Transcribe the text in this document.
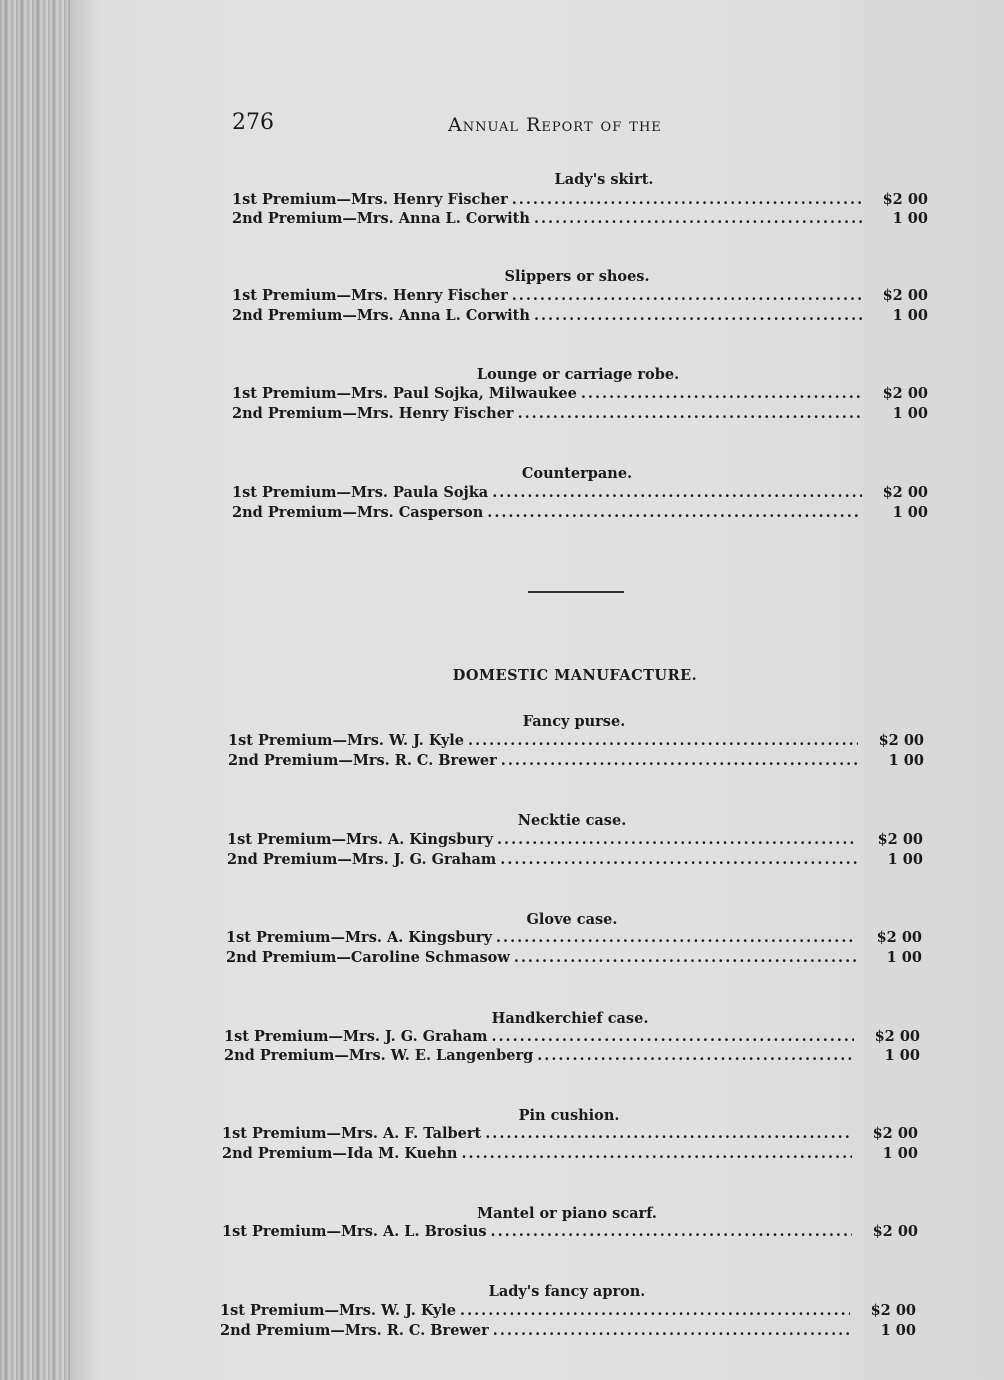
276	Annual Report of the
Lady's skirt.
1st Premium—Mrs. Henry Fischer .....	$2 00
2nd Premium—Mrs. Anna L. Corwith .....	1 00
Slippers or shoes.
1st Premium—Mrs. Henry Fischer .....	$2 00
2nd Premium—Mrs. Anna L. Corwith .....	1 00
Lounge or carriage robe.
1st Premium—Mrs. Paul Sojka, Milwaukee .....	$2 00
2nd Premium—Mrs. Henry Fischer .....	1 00
Counterpane.
1st Premium—Mrs. Paula Sojka .....	$2 00
2nd Premium—Mrs. Casperson .....	1 00
DOMESTIC MANUFACTURE.
Fancy purse.
1st Premium—Mrs. W. J. Kyle .....	$2 00
2nd Premium—Mrs. R. C. Brewer .....	1 00
Necktie case.
1st Premium—Mrs. A. Kingsbury .....	$2 00
2nd Premium—Mrs. J. G. Graham .....	1 00
Glove case.
1st Premium—Mrs. A. Kingsbury .....	$2 00
2nd Premium—Caroline Schmasow .....	1 00
Handkerchief case.
1st Premium—Mrs. J. G. Graham .....	$2 00
2nd Premium—Mrs. W. E. Langenberg .....	1 00
Pin cushion.
1st Premium—Mrs. A. F. Talbert .....	$2 00
2nd Premium—Ida M. Kuehn .....	1 00
Mantel or piano scarf.
1st Premium—Mrs. A. L. Brosius .....	$2 00
Lady's fancy apron.
1st Premium—Mrs. W. J. Kyle .....	$2 00
2nd Premium—Mrs. R. C. Brewer .....	1 00
